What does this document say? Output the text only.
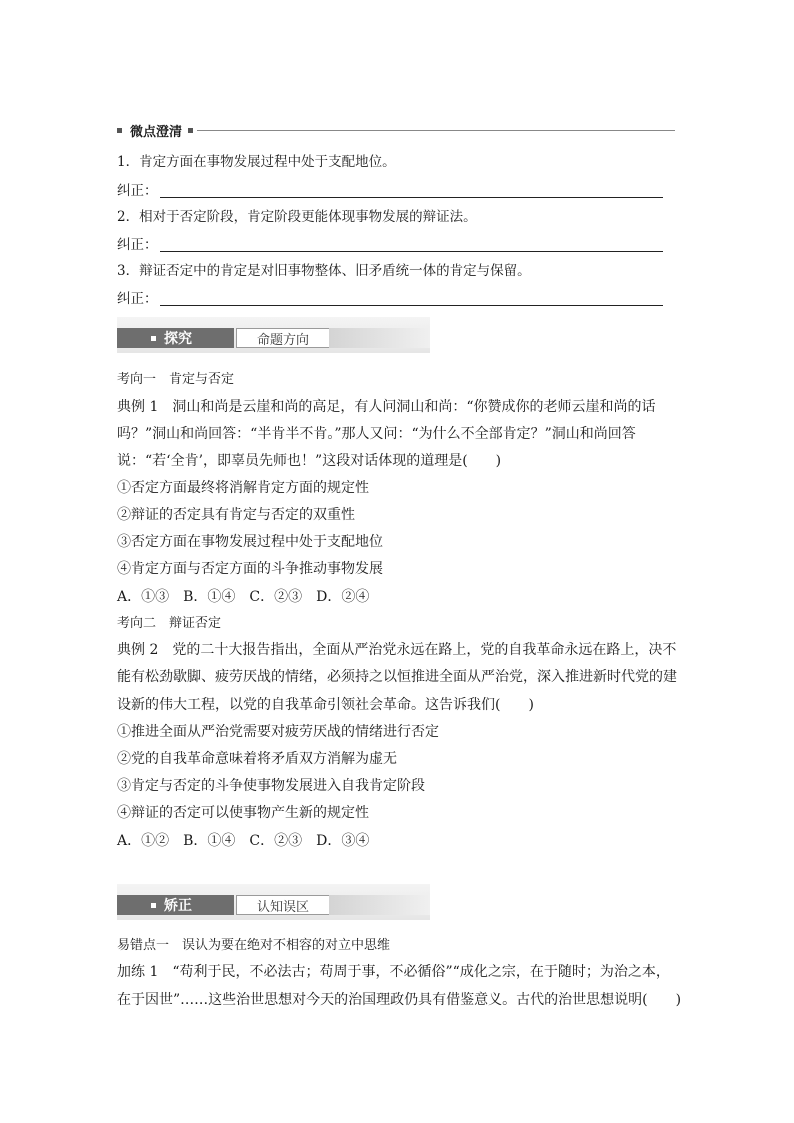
微点澄清
1．肯定方面在事物发展过程中处于支配地位。
纠正：
2．相对于否定阶段，肯定阶段更能体现事物发展的辩证法。
纠正：
3．辩证否定中的肯定是对旧事物整体、旧矛盾统一体的肯定与保留。
纠正：
探究	命题方向
考向一　肯定与否定
典例 1　洞山和尚是云崖和尚的高足，有人问洞山和尚：“你赞成你的老师云崖和尚的话
吗？”洞山和尚回答：“半肯半不肯。”那人又问：“为什么不全部肯定？”洞山和尚回答
说：“若‘全肯’，即辜员先师也！”这段对话体现的道理是(　　)
①否定方面最终将消解肯定方面的规定性
②辩证的否定具有肯定与否定的双重性
③否定方面在事物发展过程中处于支配地位
④肯定方面与否定方面的斗争推动事物发展
A．①③　B．①④　C．②③　D．②④
考向二　辩证否定
典例 2　党的二十大报告指出，全面从严治党永远在路上，党的自我革命永远在路上，决不
能有松劲歇脚、疲劳厌战的情绪，必须持之以恒推进全面从严治党，深入推进新时代党的建
设新的伟大工程，以党的自我革命引领社会革命。这告诉我们(　　)
①推进全面从严治党需要对疲劳厌战的情绪进行否定
②党的自我革命意味着将矛盾双方消解为虚无
③肯定与否定的斗争使事物发展进入自我肯定阶段
④辩证的否定可以使事物产生新的规定性
A．①②　B．①④　C．②③　D．③④
矫正	认知误区
易错点一　误认为要在绝对不相容的对立中思维
加练 1　“苟利于民，不必法古；苟周于事，不必循俗”“成化之宗，在于随时；为治之本，
在于因世”……这些治世思想对今天的治国理政仍具有借鉴意义。古代的治世思想说明(　　)
